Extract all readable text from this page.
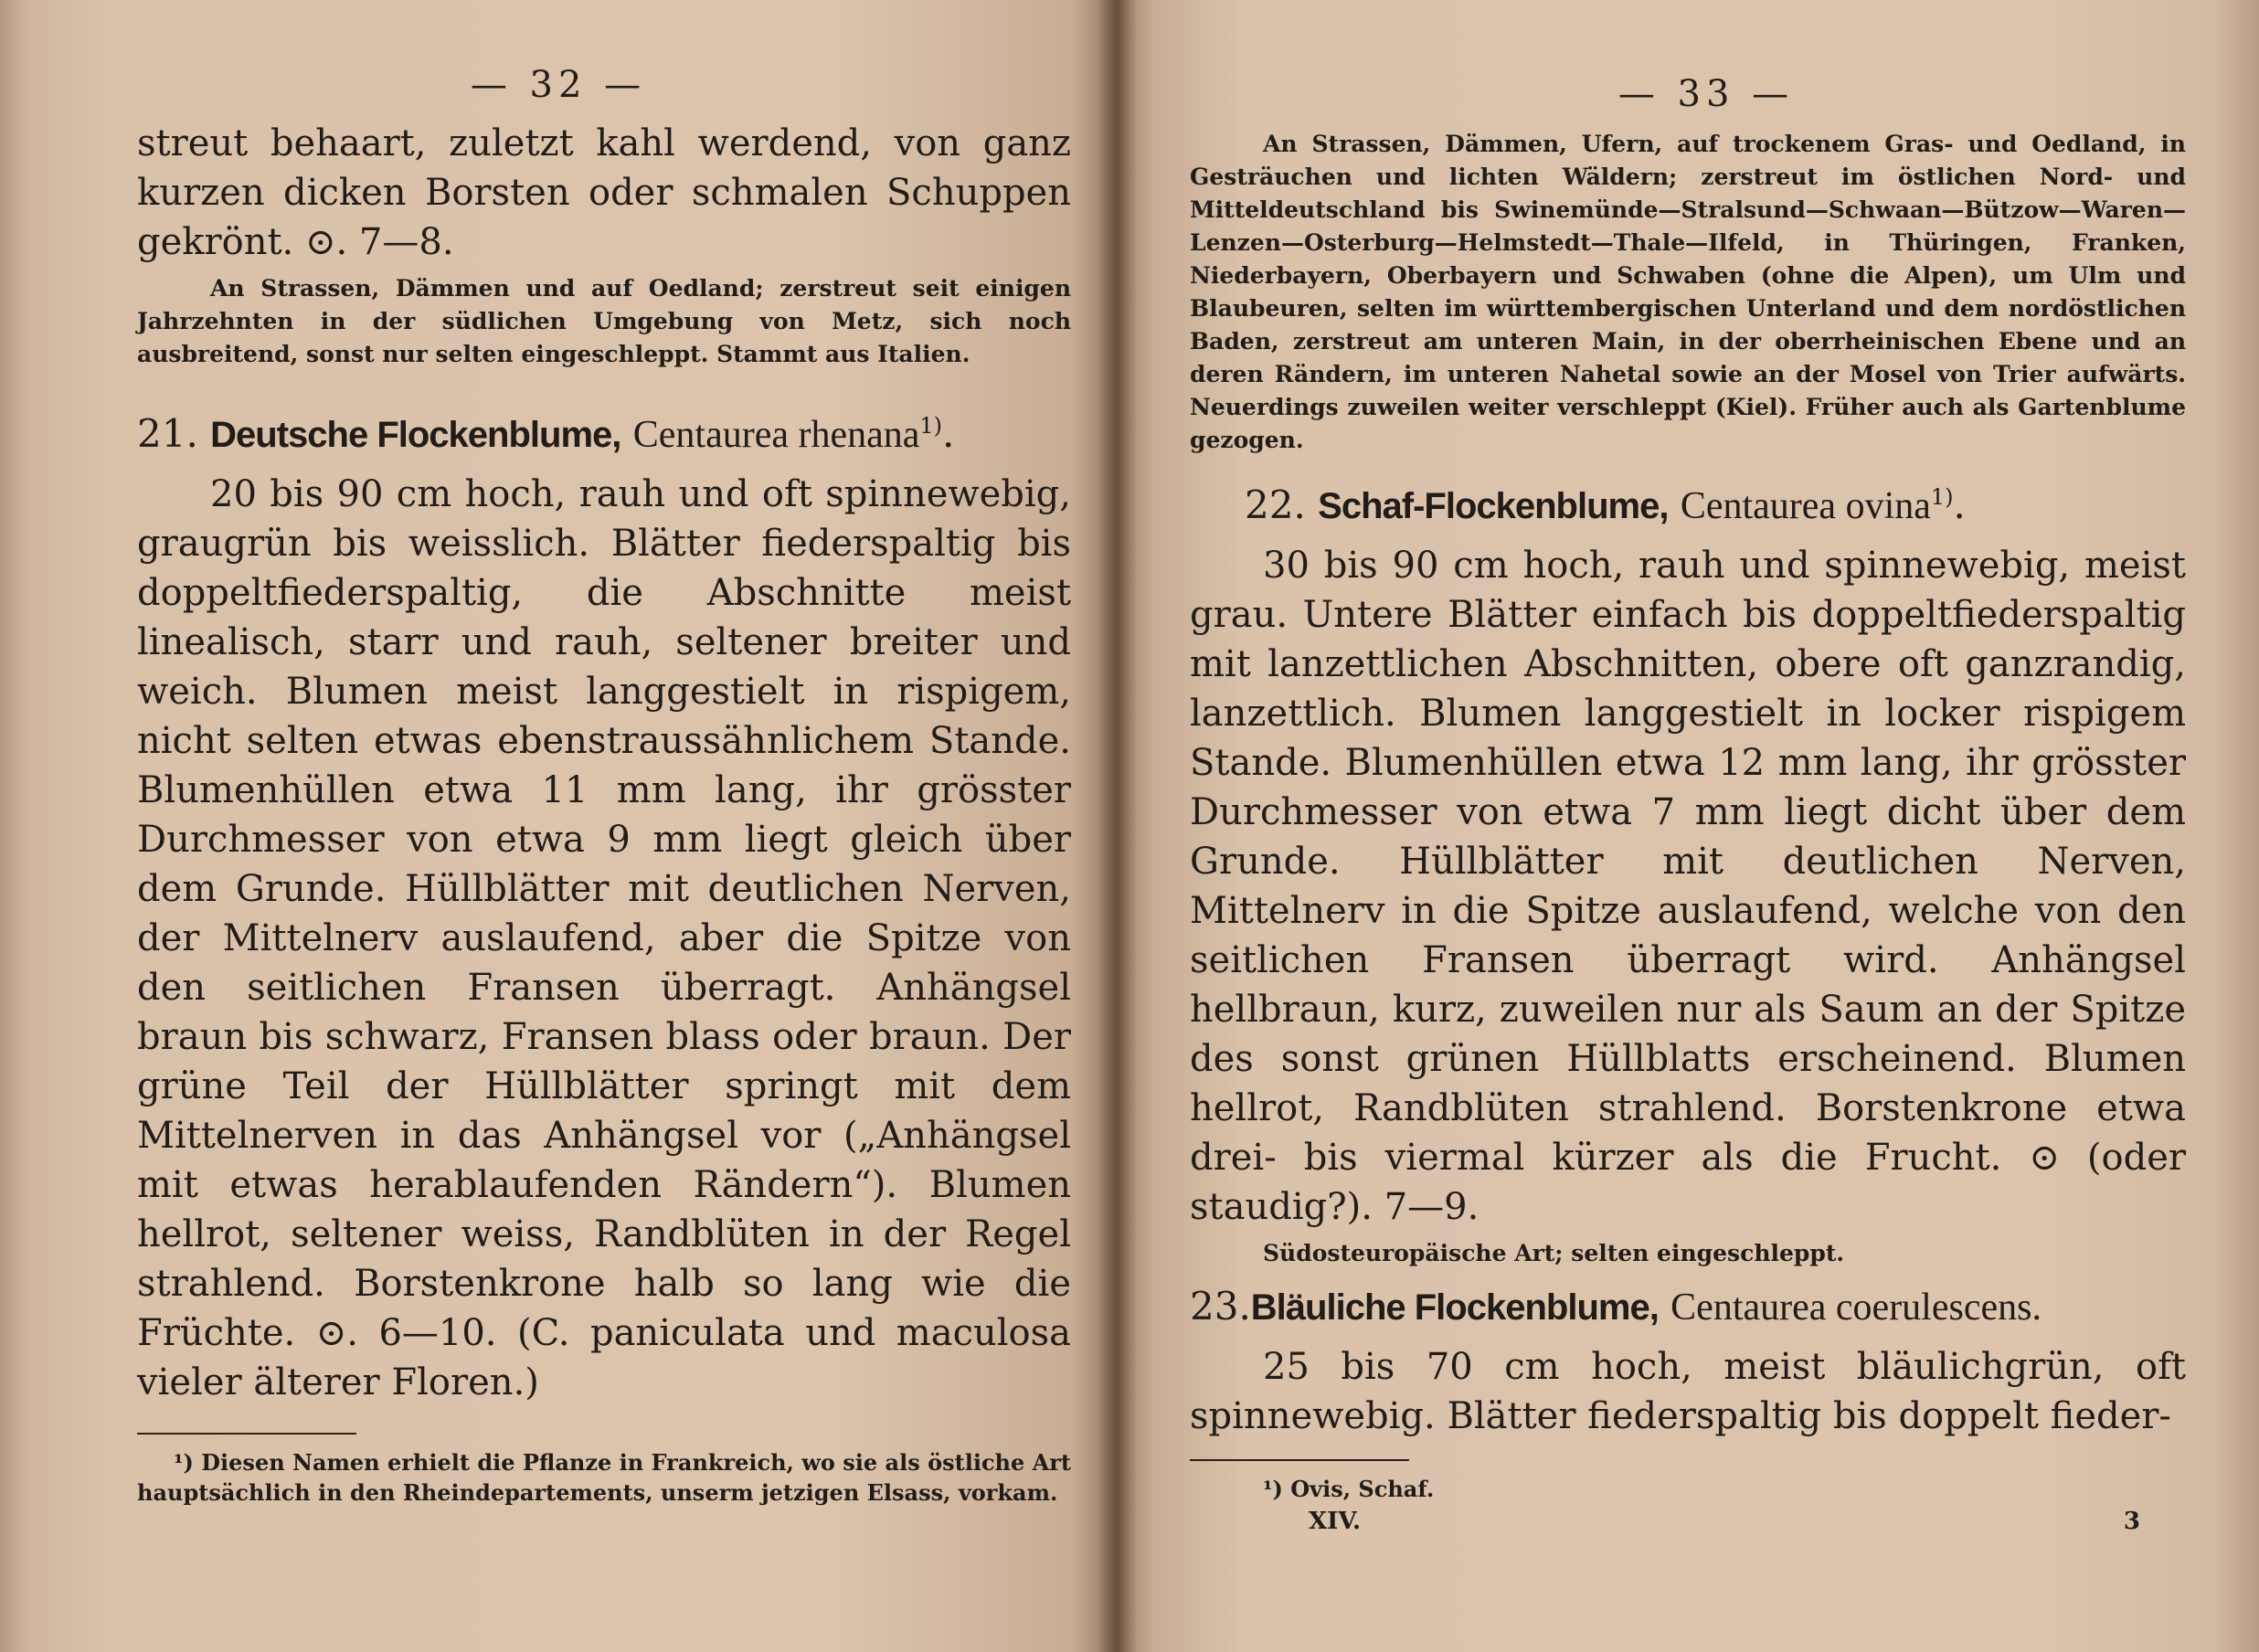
— 32 —

streut behaart, zuletzt kahl werdend, von ganz kurzen dicken Borsten oder schmalen Schuppen gekrönt. ⊙. 7—8.

An Strassen, Dämmen und auf Oedland; zerstreut seit einigen Jahrzehnten in der südlichen Umgebung von Metz, sich noch ausbreitend, sonst nur selten eingeschleppt. Stammt aus Italien.

21. Deutsche Flockenblume, Centaurea rhenana$^{1)}$.

20 bis 90 cm hoch, rauh und oft spinnewebig, graugrün bis weisslich. Blätter fiederspaltig bis doppeltfiederspaltig, die Abschnitte meist linealisch, starr und rauh, seltener breiter und weich. Blumen meist langgestielt in rispigem, nicht selten etwas ebenstraussähnlichem Stande. Blumenhüllen etwa 11 mm lang, ihr grösster Durchmesser von etwa 9 mm liegt gleich über dem Grunde. Hüllblätter mit deutlichen Nerven, der Mittelnerv auslaufend, aber die Spitze von den seitlichen Fransen überragt. Anhängsel braun bis schwarz, Fransen blass oder braun. Der grüne Teil der Hüllblätter springt mit dem Mittelnerven in das Anhängsel vor („Anhängsel mit etwas herablaufenden Rändern“). Blumen hellrot, seltener weiss, Randblüten in der Regel strahlend. Borstenkrone halb so lang wie die Früchte. ⊙. 6—10. (C. paniculata und maculosa vieler älterer Floren.)

¹) Diesen Namen erhielt die Pflanze in Frankreich, wo sie als östliche Art hauptsächlich in den Rheindepartements, unserm jetzigen Elsass, vorkam.

— 33 —

An Strassen, Dämmen, Ufern, auf trockenem Gras- und Oedland, in Gesträuchen und lichten Wäldern; zerstreut im östlichen Nord- und Mitteldeutschland bis Swinemünde—Stralsund—Schwaan—Bützow—Waren—Lenzen—Osterburg—Helmstedt—Thale—Ilfeld, in Thüringen, Franken, Niederbayern, Oberbayern und Schwaben (ohne die Alpen), um Ulm und Blaubeuren, selten im württembergischen Unterland und dem nordöstlichen Baden, zerstreut am unteren Main, in der oberrheinischen Ebene und an deren Rändern, im unteren Nahetal sowie an der Mosel von Trier aufwärts. Neuerdings zuweilen weiter verschleppt (Kiel). Früher auch als Gartenblume gezogen.

22. Schaf-Flockenblume, Centaurea ovina$^{1)}$.

30 bis 90 cm hoch, rauh und spinnewebig, meist grau. Untere Blätter einfach bis doppeltfiederspaltig mit lanzettlichen Abschnitten, obere oft ganzrandig, lanzettlich. Blumen langgestielt in locker rispigem Stande. Blumenhüllen etwa 12 mm lang, ihr grösster Durchmesser von etwa 7 mm liegt dicht über dem Grunde. Hüllblätter mit deutlichen Nerven, Mittelnerv in die Spitze auslaufend, welche von den seitlichen Fransen überragt wird. Anhängsel hellbraun, kurz, zuweilen nur als Saum an der Spitze des sonst grünen Hüllblatts erscheinend. Blumen hellrot, Randblüten strahlend. Borstenkrone etwa drei- bis viermal kürzer als die Frucht. ⊙ (oder staudig?). 7—9.

Südosteuropäische Art; selten eingeschleppt.

23.Bläuliche Flockenblume, Centaurea coerulescens.

25 bis 70 cm hoch, meist bläulichgrün, oft spinnewebig. Blätter fiederspaltig bis doppelt fieder-

¹) Ovis, Schaf.

XIV.	3
